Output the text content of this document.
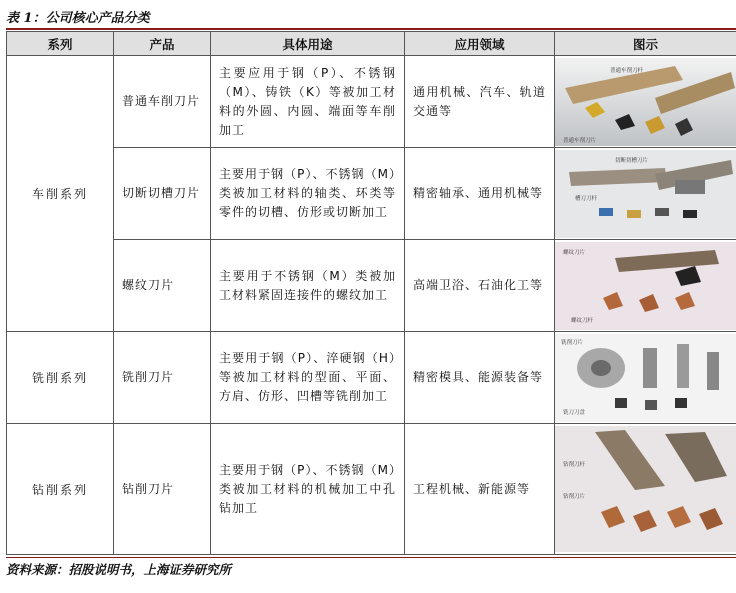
表 1：公司核心产品分类
系列	产品	具体用途	应用领域	图示
车削系列	普通车削刀片	主要应用于钢（P）、不锈钢（M）、铸铁（K）等被加工材料的外圆、内圆、端面等车削加工	通用机械、汽车、轨道交通等	普通车削刀杆
普通车削刀片

	切断切槽刀片	主要用于钢（P）、不锈钢（M）类被加工材料的轴类、环类等零件的切槽、仿形或切断加工	精密轴承、通用机械等	切断切槽刀片
槽刀刀杆

	螺纹刀片	主要用于不锈钢（M）类被加工材料紧固连接件的螺纹加工	高端卫浴、石油化工等	螺纹刀片
螺纹刀杆

铣削系列	铣削刀片	主要用于钢（P）、淬硬钢（H）等被加工材料的型面、平面、方肩、仿形、凹槽等铣削加工	精密模具、能源装备等	铣削刀片
铣刀刀盘

钻削系列	钻削刀片	主要用于钢（P）、不锈钢（M）类被加工材料的机械加工中孔钻加工	工程机械、新能源等	钻削刀杆
钻削刀片
资料来源：招股说明书，上海证券研究所
